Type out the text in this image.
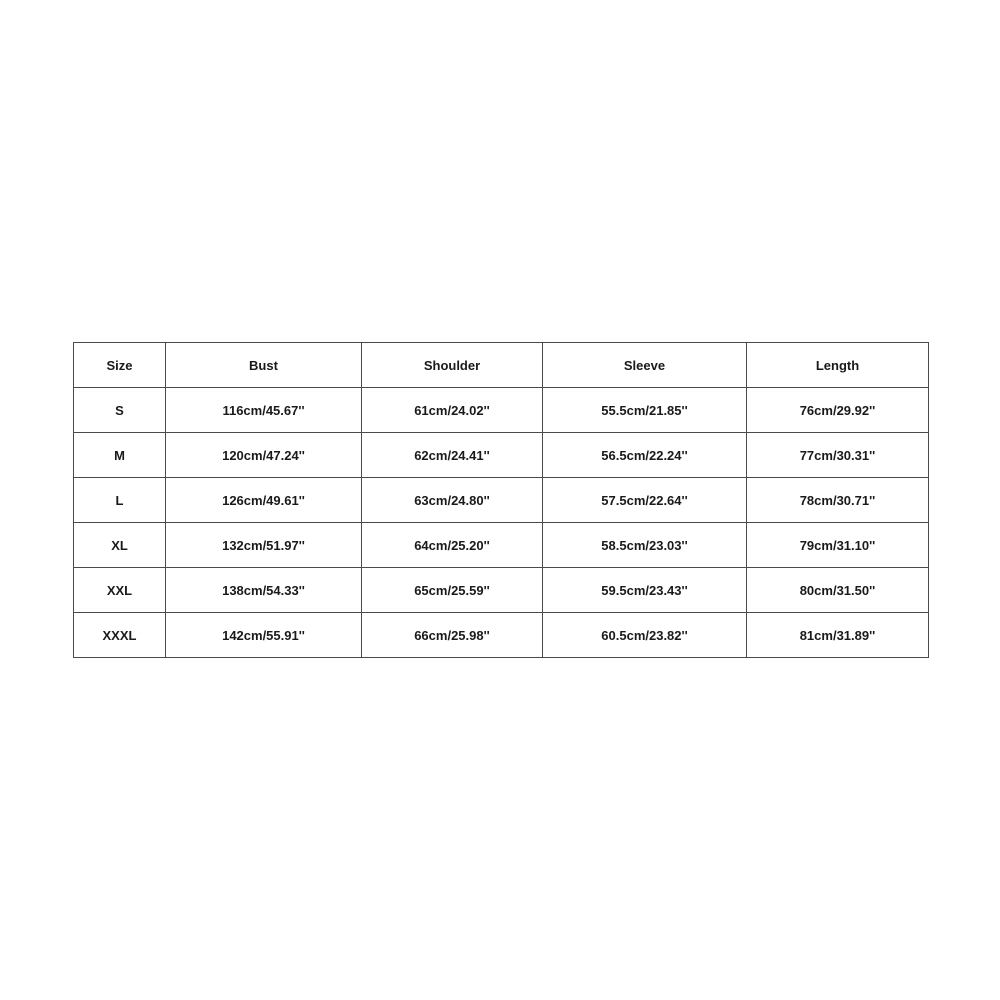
Size	Bust	Shoulder	Sleeve	Length
S	116cm/45.67''	61cm/24.02''	55.5cm/21.85''	76cm/29.92''
M	120cm/47.24''	62cm/24.41''	56.5cm/22.24''	77cm/30.31''
L	126cm/49.61''	63cm/24.80''	57.5cm/22.64''	78cm/30.71''
XL	132cm/51.97''	64cm/25.20''	58.5cm/23.03''	79cm/31.10''
XXL	138cm/54.33''	65cm/25.59''	59.5cm/23.43''	80cm/31.50''
XXXL	142cm/55.91''	66cm/25.98''	60.5cm/23.82''	81cm/31.89''
